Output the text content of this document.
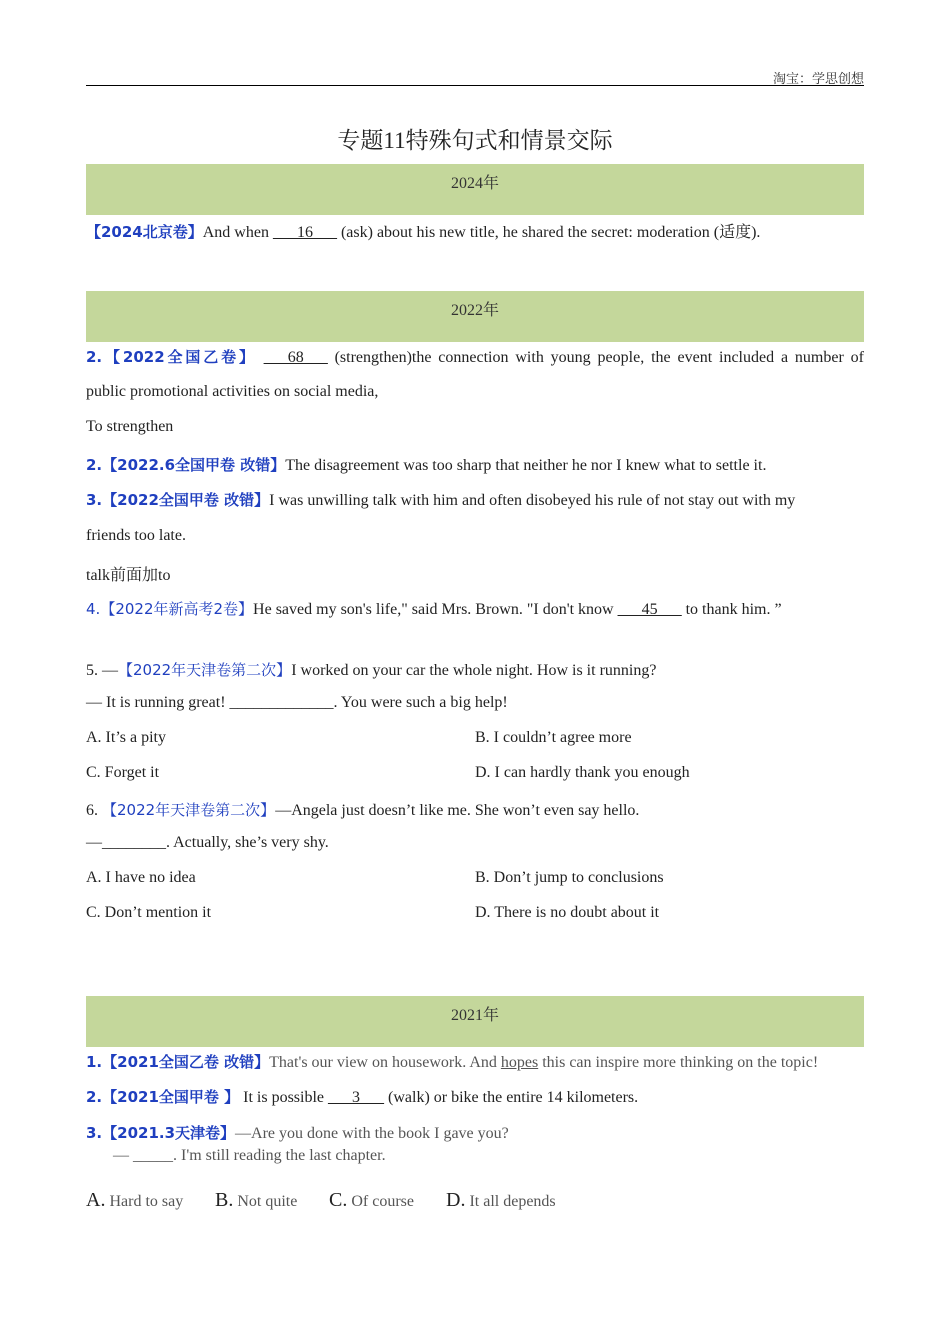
淘宝：学思创想
专题11特殊句式和情景交际
2024年
【2024北京卷】And when ___16___ (ask) about his new title, he shared the secret: moderation (适度).
2022年
2.【2022全国乙卷】 ___68___ (strengthen)the connection with young people, the event included a number of
public promotional activities on social media,
To strengthen
2.【2022.6全国甲卷 改错】The disagreement was too sharp that neither he nor I knew what to settle it.
3.【2022全国甲卷 改错】I was unwilling talk with him and often disobeyed his rule of not stay out with my
friends too late.
talk前面加to
4.【2022年新高考2卷】He saved my son's life," said Mrs. Brown. "I don't know ___45___ to thank him. ”
5. —【2022年天津卷第二次】I worked on your car the whole night. How is it running?
— It is running great! _____________. You were such a big help!
A. It’s a pity	B. I couldn’t agree more
C. Forget it	D. I can hardly thank you enough
6. 【2022年天津卷第二次】—Angela just doesn’t like me. She won’t even say hello.
—________. Actually, she’s very shy.
A. I have no idea	B. Don’t jump to conclusions
C. Don’t mention it	D. There is no doubt about it
2021年
1.【2021全国乙卷 改错】That's our view on housework. And hopes this can inspire more thinking on the topic!
2.【2021全国甲卷 】 It is possible ___3___ (walk) or bike the entire 14 kilometers.
3.【2021.3天津卷】—Are you done with the book I gave you?
— _____. I'm still reading the last chapter.
A. Hard to say B. Not quite C. Of course D. It all depends
